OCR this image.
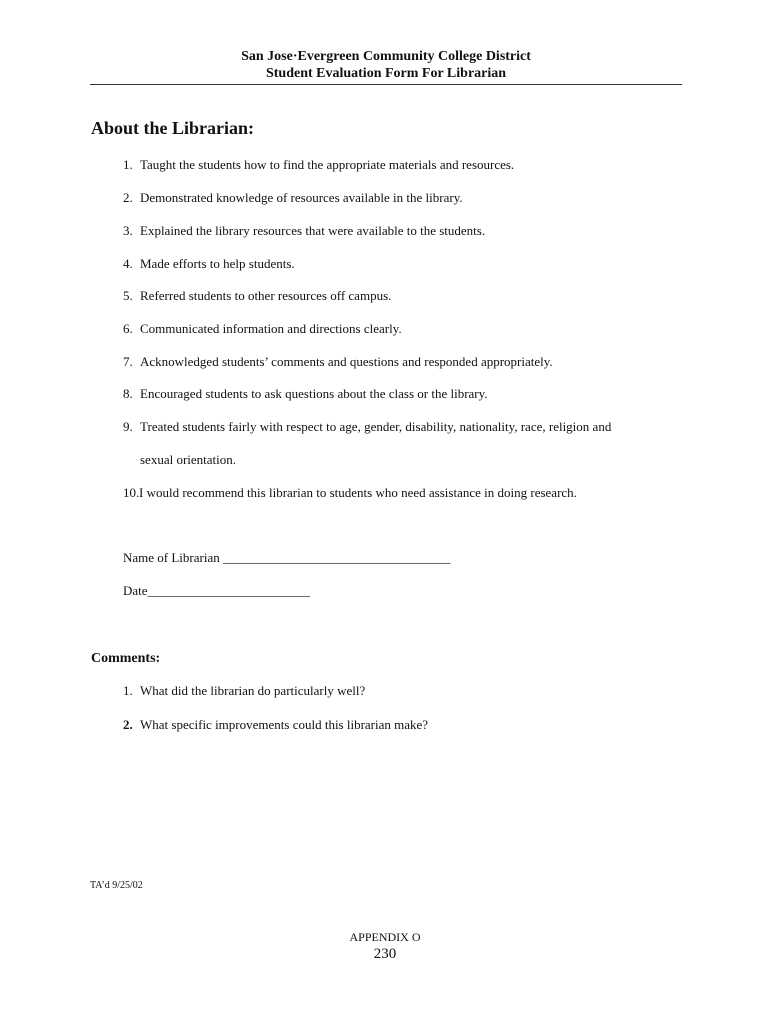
San Jose·Evergreen Community College District
Student Evaluation Form For Librarian
About the Librarian:
1. Taught the students how to find the appropriate materials and resources.
2. Demonstrated knowledge of resources available in the library.
3. Explained the library resources that were available to the students.
4. Made efforts to help students.
5. Referred students to other resources off campus.
6. Communicated information and directions clearly.
7. Acknowledged students’ comments and questions and responded appropriately.
8. Encouraged students to ask questions about the class or the library.
9. Treated students fairly with respect to age, gender, disability, nationality, race, religion and
sexual orientation.
10.I would recommend this librarian to students who need assistance in doing research.
Name of Librarian ___________________________________
Date_________________________
Comments:
1. What did the librarian do particularly well?
2. What specific improvements could this librarian make?
TA’d 9/25/02
APPENDIX O
230
